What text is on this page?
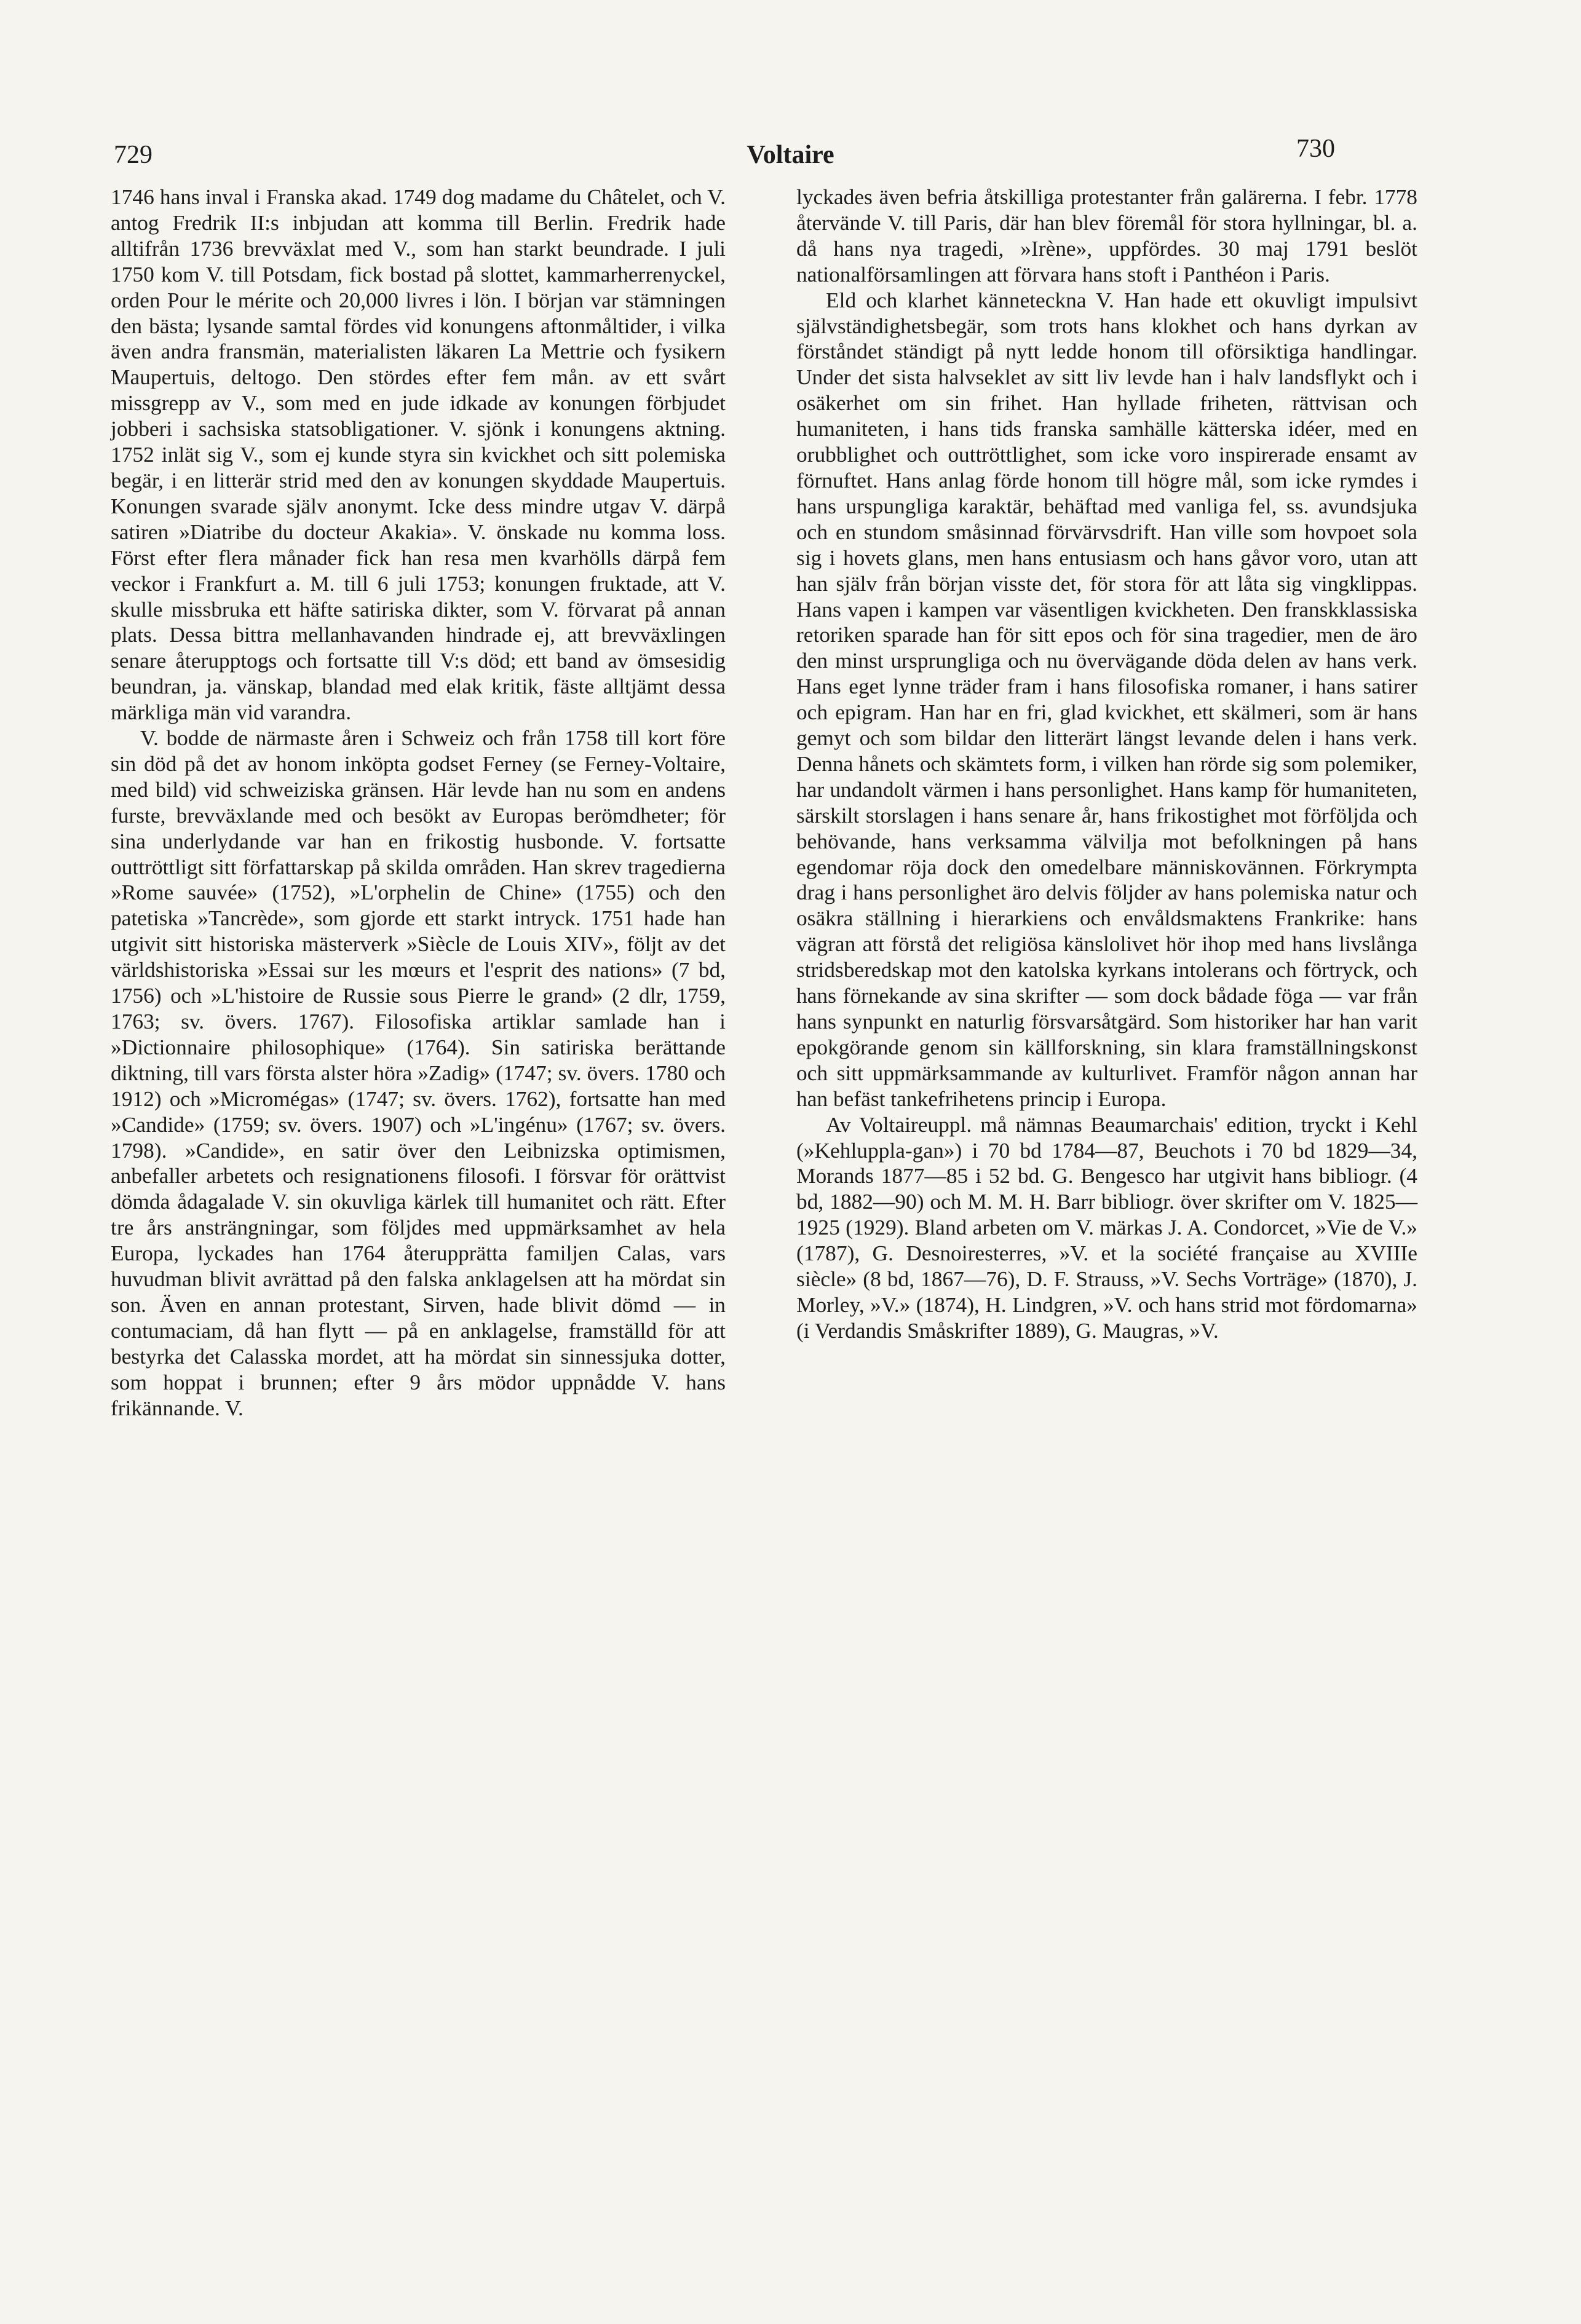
729	Voltaire	730

1746 hans inval i Franska akad. 1749 dog madame du Châtelet, och V. antog Fredrik II:s inbjudan att komma till Berlin. Fredrik hade alltifrån 1736 brevväxlat med V., som han starkt beundrade. I juli 1750 kom V. till Potsdam, fick bostad på slottet, kammarherrenyckel, orden Pour le mérite och 20,000 livres i lön. I början var stämningen den bästa; lysande samtal fördes vid konungens aftonmåltider, i vilka även andra fransmän, materialisten läkaren La Mettrie och fysikern Maupertuis, deltogo. Den stördes efter fem mån. av ett svårt missgrepp av V., som med en jude idkade av konungen förbjudet jobberi i sachsiska statsobligationer. V. sjönk i konungens aktning. 1752 inlät sig V., som ej kunde styra sin kvickhet och sitt polemiska begär, i en litterär strid med den av konungen skyddade Maupertuis. Konungen svarade själv anonymt. Icke dess mindre utgav V. därpå satiren »Diatribe du docteur Akakia». V. önskade nu komma loss. Först efter flera månader fick han resa men kvarhölls därpå fem veckor i Frankfurt a. M. till 6 juli 1753; konungen fruktade, att V. skulle missbruka ett häfte satiriska dikter, som V. förvarat på annan plats. Dessa bittra mellanhavanden hindrade ej, att brevväxlingen senare återupptogs och fortsatte till V:s död; ett band av ömsesidig beundran, ja. vänskap, blandad med elak kritik, fäste alltjämt dessa märkliga män vid varandra.

V. bodde de närmaste åren i Schweiz och från 1758 till kort före sin död på det av honom inköpta godset Ferney (se Ferney-Voltaire, med bild) vid schweiziska gränsen. Här levde han nu som en andens furste, brevväxlande med och besökt av Europas berömdheter; för sina underlydande var han en frikostig husbonde. V. fortsatte outtröttligt sitt författarskap på skilda områden. Han skrev tragedierna »Rome sauvée» (1752), »L'orphelin de Chine» (1755) och den patetiska »Tancrède», som gjorde ett starkt intryck. 1751 hade han utgivit sitt historiska mästerverk »Siècle de Louis XIV», följt av det världshistoriska »Essai sur les mœurs et l'esprit des nations» (7 bd, 1756) och »L'histoire de Russie sous Pierre le grand» (2 dlr, 1759, 1763; sv. övers. 1767). Filosofiska artiklar samlade han i »Dictionnaire philosophique» (1764). Sin satiriska berättande diktning, till vars första alster höra »Zadig» (1747; sv. övers. 1780 och 1912) och »Micromégas» (1747; sv. övers. 1762), fortsatte han med »Candide» (1759; sv. övers. 1907) och »L'ingénu» (1767; sv. övers. 1798). »Candide», en satir över den Leibnizska optimismen, anbefaller arbetets och resignationens filosofi. I försvar för orättvist dömda ådagalade V. sin okuvliga kärlek till humanitet och rätt. Efter tre års ansträngningar, som följdes med uppmärksamhet av hela Europa, lyckades han 1764 återupprätta familjen Calas, vars huvudman blivit avrättad på den falska anklagelsen att ha mördat sin son. Även en annan protestant, Sirven, hade blivit dömd — in contumaciam, då han flytt — på en anklagelse, framställd för att bestyrka det Calasska mordet, att ha mördat sin sinnessjuka dotter, som hoppat i brunnen; efter 9 års mödor uppnådde V. hans frikännande. V.

lyckades även befria åtskilliga protestanter från galärerna. I febr. 1778 återvände V. till Paris, där han blev föremål för stora hyllningar, bl. a. då hans nya tragedi, »Irène», uppfördes. 30 maj 1791 beslöt nationalförsamlingen att förvara hans stoft i Panthéon i Paris.

Eld och klarhet känneteckna V. Han hade ett okuvligt impulsivt självständighetsbegär, som trots hans klokhet och hans dyrkan av förståndet ständigt på nytt ledde honom till oförsiktiga handlingar. Under det sista halvseklet av sitt liv levde han i halv landsflykt och i osäkerhet om sin frihet. Han hyllade friheten, rättvisan och humaniteten, i hans tids franska samhälle kätterska idéer, med en orubblighet och outtröttlighet, som icke voro inspirerade ensamt av förnuftet. Hans anlag förde honom till högre mål, som icke rymdes i hans urspungliga karaktär, behäftad med vanliga fel, ss. avundsjuka och en stundom småsinnad förvärvsdrift. Han ville som hovpoet sola sig i hovets glans, men hans entusiasm och hans gåvor voro, utan att han själv från början visste det, för stora för att låta sig vingklippas. Hans vapen i kampen var väsentligen kvickheten. Den franskklassiska retoriken sparade han för sitt epos och för sina tragedier, men de äro den minst ursprungliga och nu övervägande döda delen av hans verk. Hans eget lynne träder fram i hans filosofiska romaner, i hans satirer och epigram. Han har en fri, glad kvickhet, ett skälmeri, som är hans gemyt och som bildar den litterärt längst levande delen i hans verk. Denna hånets och skämtets form, i vilken han rörde sig som polemiker, har undandolt värmen i hans personlighet. Hans kamp för humaniteten, särskilt storslagen i hans senare år, hans frikostighet mot förföljda och behövande, hans verksamma välvilja mot befolkningen på hans egendomar röja dock den omedelbare människovännen. Förkrympta drag i hans personlighet äro delvis följder av hans polemiska natur och osäkra ställning i hierarkiens och envåldsmaktens Frankrike: hans vägran att förstå det religiösa känslolivet hör ihop med hans livslånga stridsberedskap mot den katolska kyrkans intolerans och förtryck, och hans förnekande av sina skrifter — som dock bådade föga — var från hans synpunkt en naturlig försvarsåtgärd. Som historiker har han varit epokgörande genom sin källforskning, sin klara framställningskonst och sitt uppmärksammande av kulturlivet. Framför någon annan har han befäst tankefrihetens princip i Europa.

Av Voltaireuppl. må nämnas Beaumarchais' edition, tryckt i Kehl (»Kehluppla-gan») i 70 bd 1784—87, Beuchots i 70 bd 1829—34, Morands 1877—85 i 52 bd. G. Bengesco har utgivit hans bibliogr. (4 bd, 1882—90) och M. M. H. Barr bibliogr. över skrifter om V. 1825—1925 (1929). Bland arbeten om V. märkas J. A. Condorcet, »Vie de V.» (1787), G. Desnoiresterres, »V. et la société française au XVIIIe siècle» (8 bd, 1867—76), D. F. Strauss, »V. Sechs Vorträge» (1870), J. Morley, »V.» (1874), H. Lindgren, »V. och hans strid mot fördomarna» (i Verdandis Småskrifter 1889), G. Maugras, »V.
